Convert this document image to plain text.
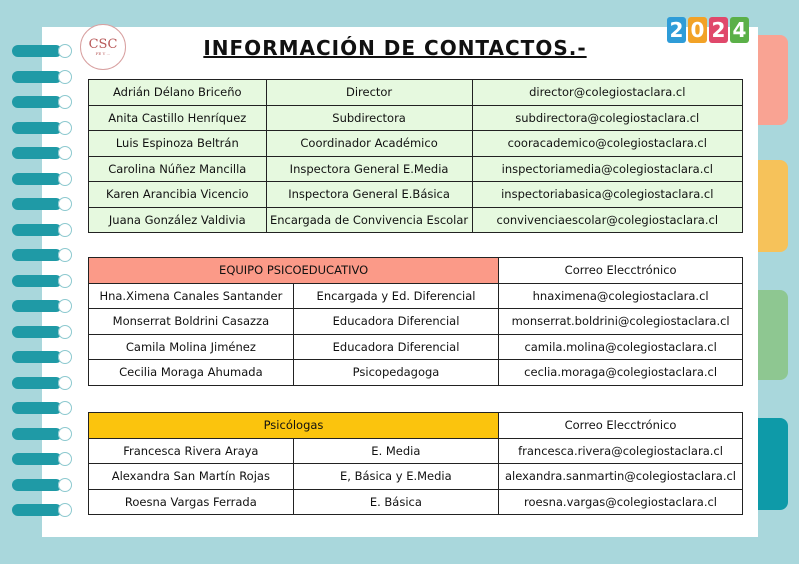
CSC
FE Y ...	INFORMACIÓN DE CONTACTOS.-
2 0 2 4
Adrián Délano Briceño	Director	director@colegiostaclara.cl
Anita Castillo Henríquez	Subdirectora	subdirectora@colegiostaclara.cl
Luis Espinoza Beltrán	Coordinador Académico	cooracademico@colegiostaclara.cl
Carolina Núñez Mancilla	Inspectora General E.Media	inspectoriamedia@colegiostaclara.cl
Karen Arancibia Vicencio	Inspectora General E.Básica	inspectoriabasica@colegiostaclara.cl
Juana González Valdivia	Encargada de Convivencia Escolar	convivenciaescolar@colegiostaclara.cl
EQUIPO PSICOEDUCATIVO		Correo Elecctrónico
Hna.Ximena Canales Santander	Encargada y Ed. Diferencial	hnaximena@colegiostaclara.cl
Monserrat Boldrini Casazza	Educadora Diferencial	monserrat.boldrini@colegiostaclara.cl
Camila Molina Jiménez	Educadora Diferencial	camila.molina@colegiostaclara.cl
Cecilia Moraga Ahumada	Psicopedagoga	ceclia.moraga@colegiostaclara.cl
Psicólogas		Correo Elecctrónico
Francesca Rivera Araya	E. Media	francesca.rivera@colegiostaclara.cl
Alexandra San Martín Rojas	E, Básica y E.Media	alexandra.sanmartin@colegiostaclara.cl
Roesna Vargas Ferrada	E. Básica	roesna.vargas@colegiostaclara.cl
